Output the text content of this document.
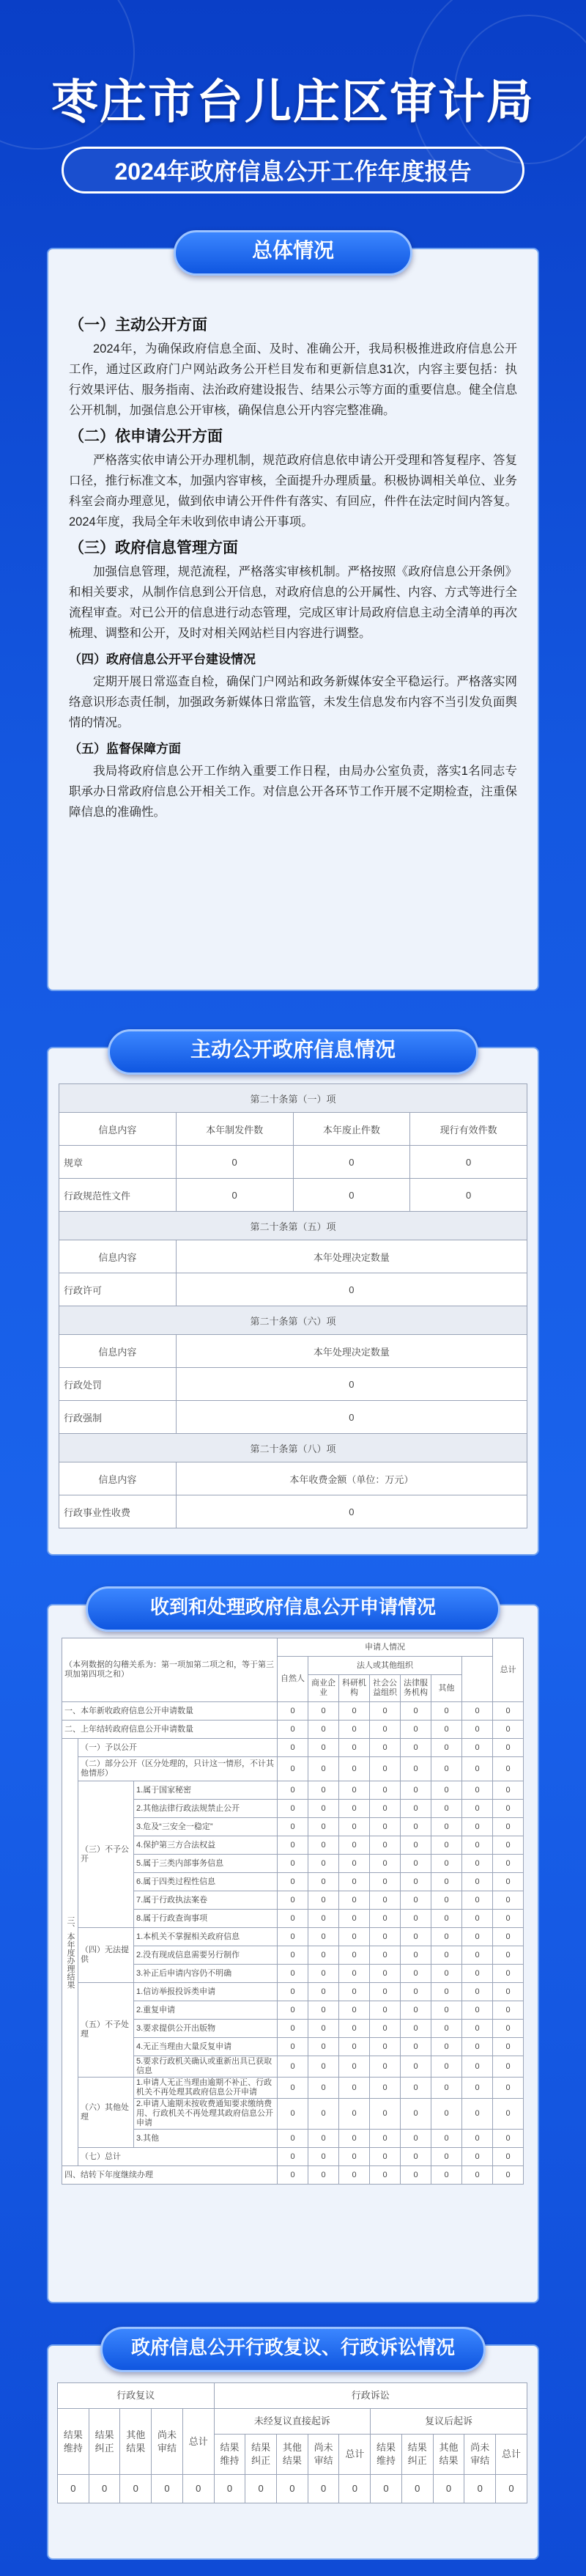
枣庄市台儿庄区审计局
2024年政府信息公开工作年度报告
总体情况
（一）主动公开方面

2024年，为确保政府信息全面、及时、准确公开，我局积极推进政府信息公开工作，通过区政府门户网站政务公开栏目发布和更新信息31次，内容主要包括：执行效果评估、服务指南、法治政府建设报告、结果公示等方面的重要信息。健全信息公开机制，加强信息公开审核，确保信息公开内容完整准确。

（二）依申请公开方面

严格落实依申请公开办理机制，规范政府信息依申请公开受理和答复程序、答复口径，推行标准文本，加强内容审核，全面提升办理质量。积极协调相关单位、业务科室会商办理意见，做到依申请公开件件有落实、有回应，件件在法定时间内答复。2024年度，我局全年未收到依申请公开事项。

（三）政府信息管理方面

加强信息管理，规范流程，严格落实审核机制。严格按照《政府信息公开条例》和相关要求，从制作信息到公开信息，对政府信息的公开属性、内容、方式等进行全流程审查。对已公开的信息进行动态管理，完成区审计局政府信息主动全清单的再次梳理、调整和公开，及时对相关网站栏目内容进行调整。

（四）政府信息公开平台建设情况

定期开展日常巡查自检，确保门户网站和政务新媒体安全平稳运行。严格落实网络意识形态责任制，加强政务新媒体日常监管，未发生信息发布内容不当引发负面舆情的情况。

（五）监督保障方面

我局将政府信息公开工作纳入重要工作日程，由局办公室负责，落实1名同志专职承办日常政府信息公开相关工作。对信息公开各环节工作开展不定期检查，注重保障信息的准确性。

主动公开政府信息情况
第二十条第（一）项			
信息内容	本年制发件数	本年废止件数	现行有效件数
规章	0	0	0
行政规范性文件	0	0	0
第二十条第（五）项			
信息内容	本年处理决定数量		
行政许可	0		
第二十条第（六）项			
信息内容	本年处理决定数量		
行政处罚	0		
行政强制	0		
第二十条第（八）项			
信息内容	本年收费金额（单位：万元）		
行政事业性收费	0		
收到和处理政府信息公开申请情况
（本列数据的勾稽关系为：第一项加第二项之和，等于第三项加第四项之和）			申请人情况							总计
			自然人	法人或其他组织						
				商业企业	科研机构	社会公益组织	法律服务机构	其他		
一、本年新收政府信息公开申请数量			0	0	0	0	0	0	0	0
二、上年结转政府信息公开申请数量			0	0	0	0	0	0	0	0
三、本年度办理结果	（一）予以公开		0	0	0	0	0	0	0	0
	（二）部分公开（区分处理的，只计这一情形，不计其他情形）		0	0	0	0	0	0	0	0
	（三）不予公开	1.属于国家秘密	0	0	0	0	0	0	0	0
		2.其他法律行政法规禁止公开	0	0	0	0	0	0	0	0
		3.危及“三安全一稳定”	0	0	0	0	0	0	0	0
		4.保护第三方合法权益	0	0	0	0	0	0	0	0
		5.属于三类内部事务信息	0	0	0	0	0	0	0	0
		6.属于四类过程性信息	0	0	0	0	0	0	0	0
		7.属于行政执法案卷	0	0	0	0	0	0	0	0
		8.属于行政查询事项	0	0	0	0	0	0	0	0
	（四）无法提供	1.本机关不掌握相关政府信息	0	0	0	0	0	0	0	0
		2.没有现成信息需要另行制作	0	0	0	0	0	0	0	0
		3.补正后申请内容仍不明确	0	0	0	0	0	0	0	0
	（五）不予处理	1.信访举报投诉类申请	0	0	0	0	0	0	0	0
		2.重复申请	0	0	0	0	0	0	0	0
		3.要求提供公开出版物	0	0	0	0	0	0	0	0
		4.无正当理由大量反复申请	0	0	0	0	0	0	0	0
		5.要求行政机关确认或重新出具已获取信息	0	0	0	0	0	0	0	0
	（六）其他处理	1.申请人无正当理由逾期不补正、行政机关不再处理其政府信息公开申请	0	0	0	0	0	0	0	0
		2.申请人逾期未按收费通知要求缴纳费用、行政机关不再处理其政府信息公开申请	0	0	0	0	0	0	0	0
		3.其他	0	0	0	0	0	0	0	0
	（七）总计		0	0	0	0	0	0	0	0
四、结转下年度继续办理			0	0	0	0	0	0	0	0
政府信息公开行政复议、行政诉讼情况
行政复议					行政诉讼									
结果维持	结果纠正	其他结果	尚未审结	总计	未经复议直接起诉					复议后起诉				
					结果维持	结果纠正	其他结果	尚未审结	总计	结果维持	结果纠正	其他结果	尚未审结	总计
0	0	0	0	0	0	0	0	0	0	0	0	0	0	0
